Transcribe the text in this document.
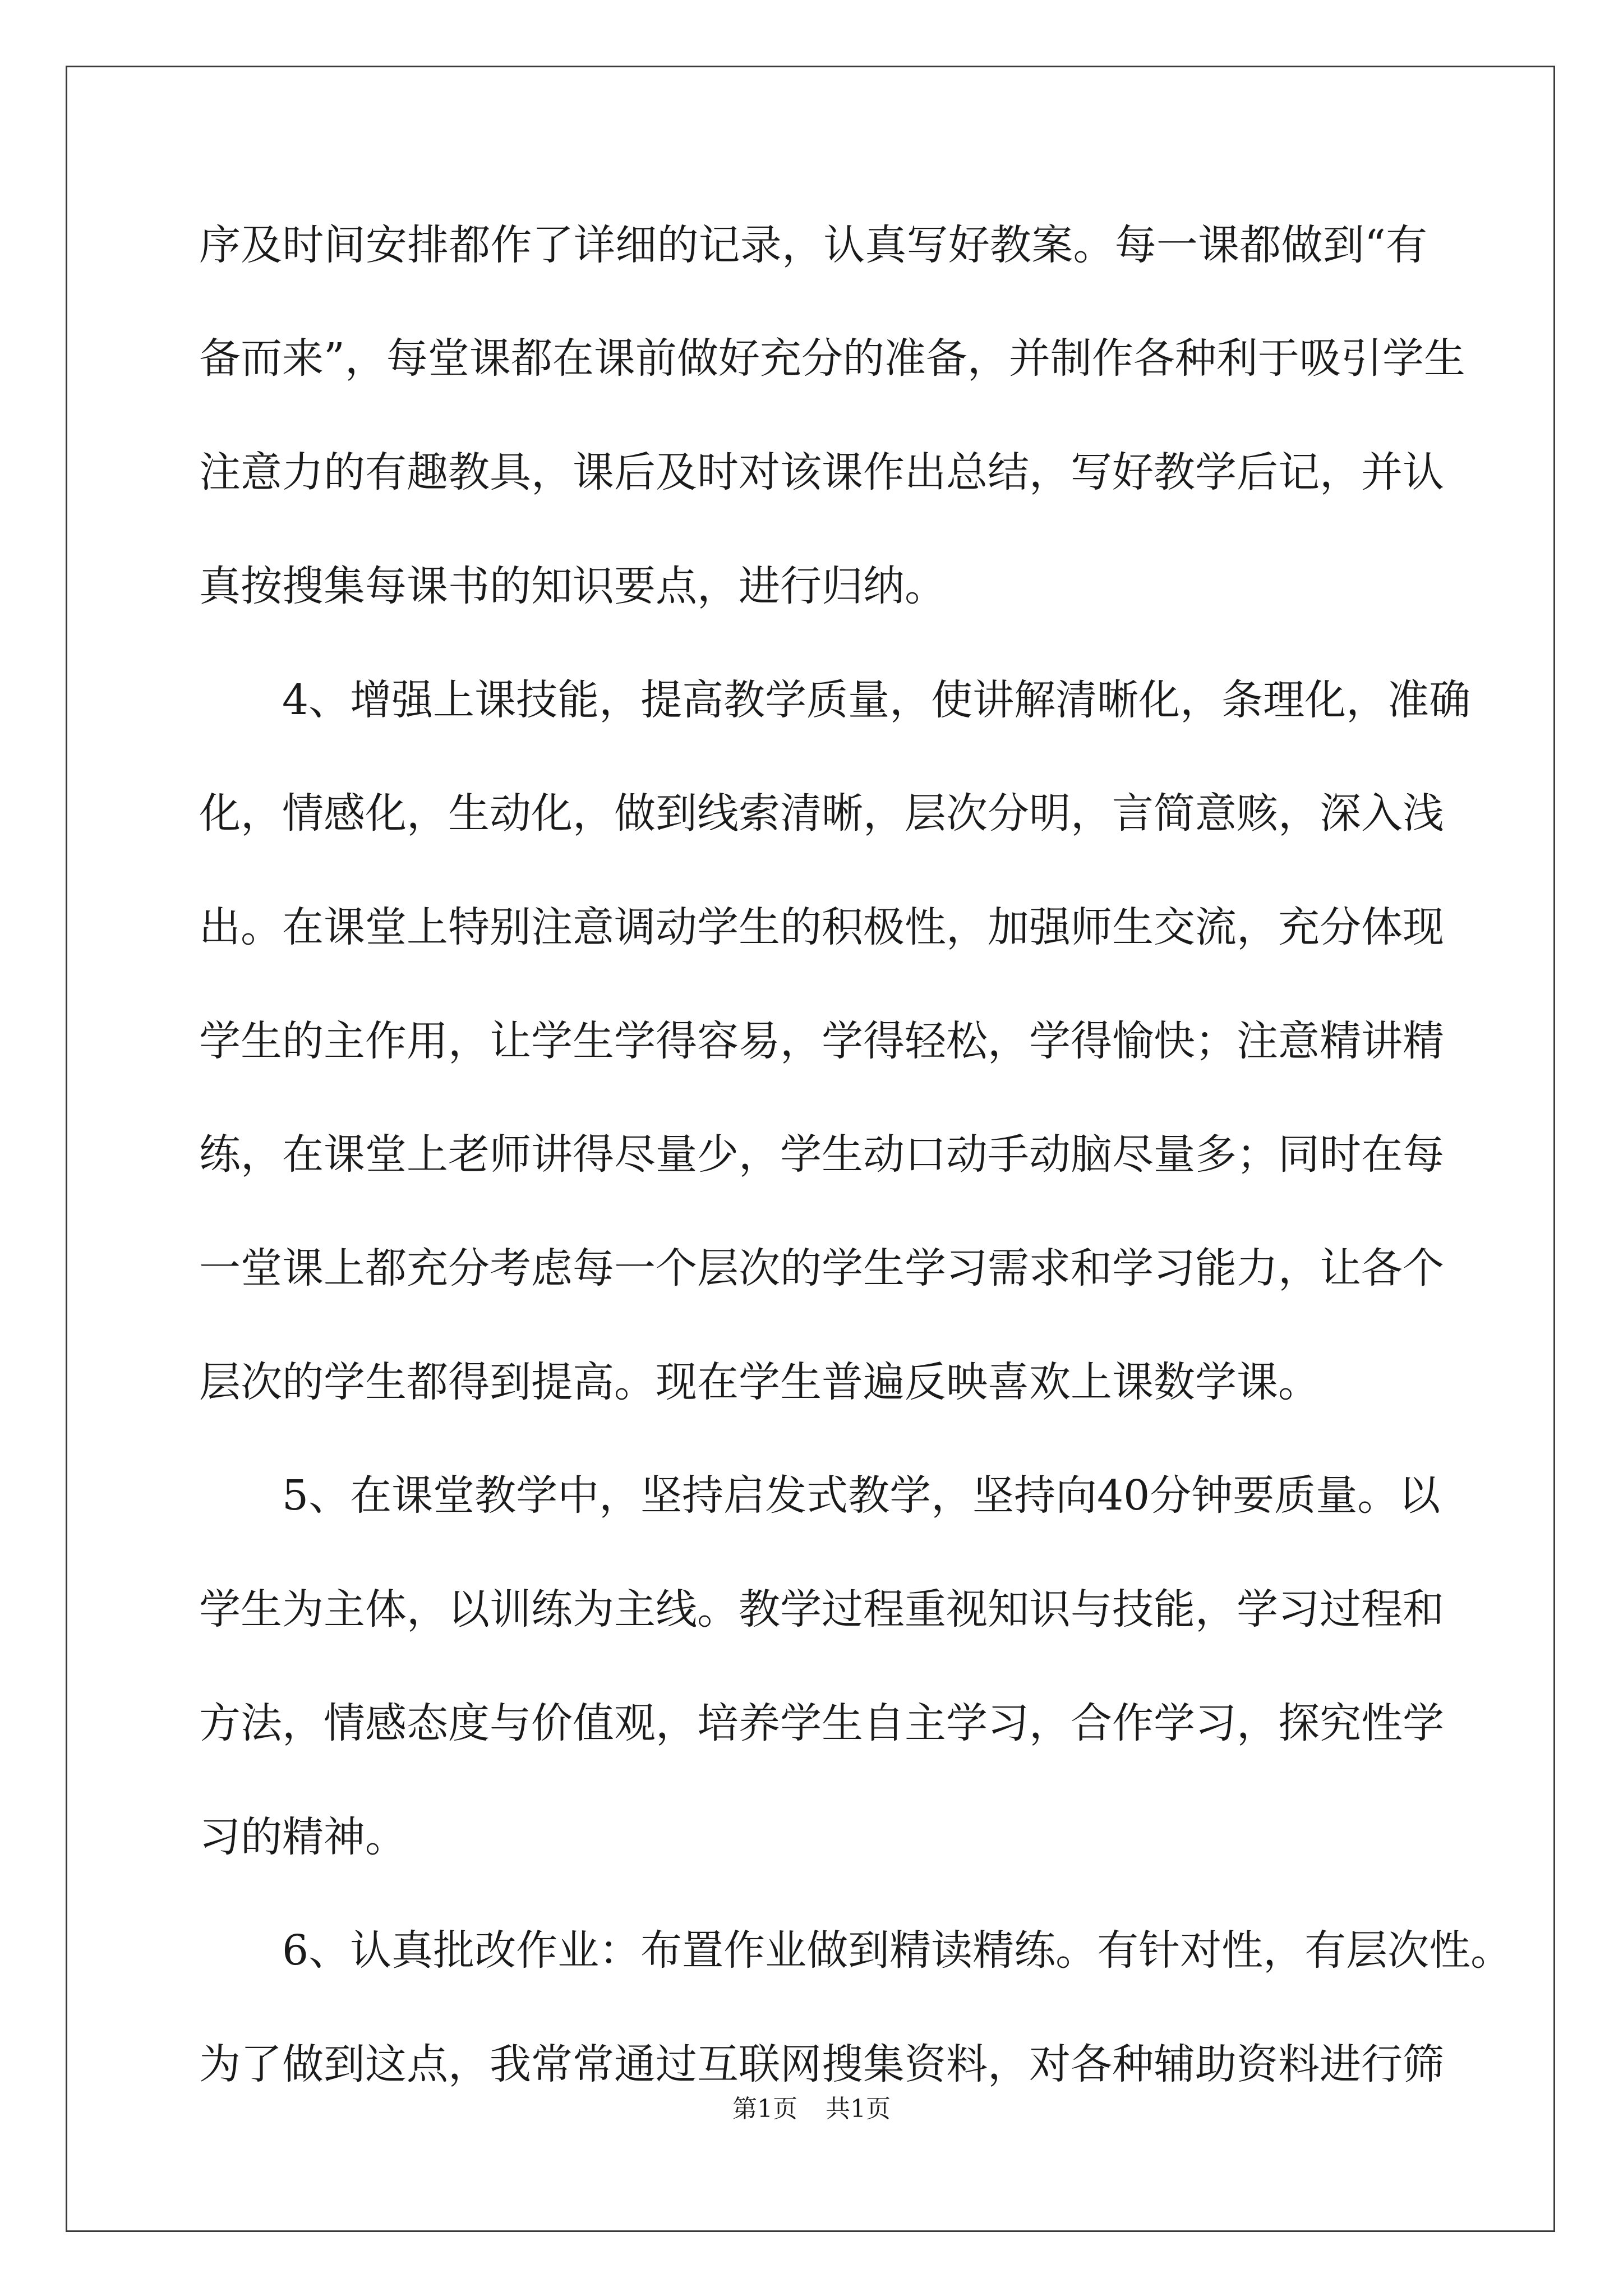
序及时间安排都作了详细的记录，认真写好教案。每一课都做到“有
备而来”，每堂课都在课前做好充分的准备，并制作各种利于吸引学生
注意力的有趣教具，课后及时对该课作出总结，写好教学后记，并认
真按搜集每课书的知识要点，进行归纳。
　　4、增强上课技能，提高教学质量，使讲解清晰化，条理化，准确
化，情感化，生动化，做到线索清晰，层次分明，言简意赅，深入浅
出。在课堂上特别注意调动学生的积极性，加强师生交流，充分体现
学生的主作用，让学生学得容易，学得轻松，学得愉快；注意精讲精
练，在课堂上老师讲得尽量少，学生动口动手动脑尽量多；同时在每
一堂课上都充分考虑每一个层次的学生学习需求和学习能力，让各个
层次的学生都得到提高。现在学生普遍反映喜欢上课数学课。
　　5、在课堂教学中，坚持启发式教学，坚持向40分钟要质量。以
学生为主体，以训练为主线。教学过程重视知识与技能，学习过程和
方法，情感态度与价值观，培养学生自主学习，合作学习，探究性学
习的精神。
　　6、认真批改作业：布置作业做到精读精练。有针对性，有层次性。
为了做到这点，我常常通过互联网搜集资料，对各种辅助资料进行筛
第1页 共1页
